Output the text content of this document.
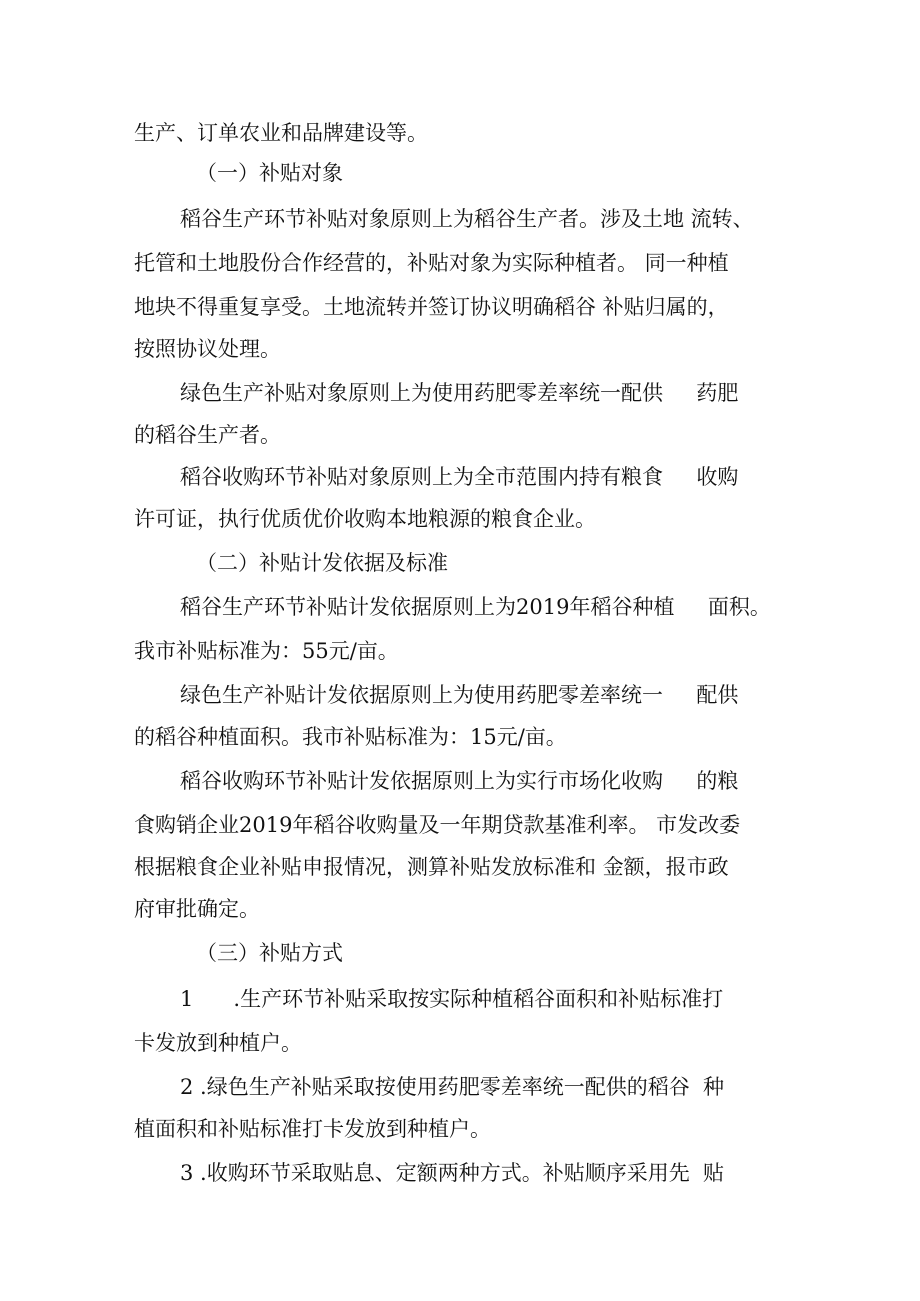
生产、订单农业和品牌建设等。
（一）补贴对象
稻谷生产环节补贴对象原则上为稻谷生产者。涉及土地 流转、
托管和土地股份合作经营的，补贴对象为实际种植者。 同一种植
地块不得重复享受。土地流转并签订协议明确稻谷 补贴归属的，
按照协议处理。
绿色生产补贴对象原则上为使用药肥零差率统一配供     药肥
的稻谷生产者。
稻谷收购环节补贴对象原则上为全市范围内持有粮食     收购
许可证，执行优质优价收购本地粮源的粮食企业。
（二）补贴计发依据及标准
稻谷生产环节补贴计发依据原则上为2019年稻谷种植     面积。
我市补贴标准为：55元/亩。
绿色生产补贴计发依据原则上为使用药肥零差率统一     配供
的稻谷种植面积。我市补贴标准为：15元/亩。
稻谷收购环节补贴计发依据原则上为实行市场化收购     的粮
食购销企业2019年稻谷收购量及一年期贷款基准利率。 市发改委
根据粮食企业补贴申报情况，测算补贴发放标准和 金额，报市政
府审批确定。
（三）补贴方式
1      .生产环节补贴采取按实际种植稻谷面积和补贴标准打
卡发放到种植户。
2 .绿色生产补贴采取按使用药肥零差率统一配供的稻谷  种
植面积和补贴标准打卡发放到种植户。
3 .收购环节采取贴息、定额两种方式。补贴顺序采用先  贴
